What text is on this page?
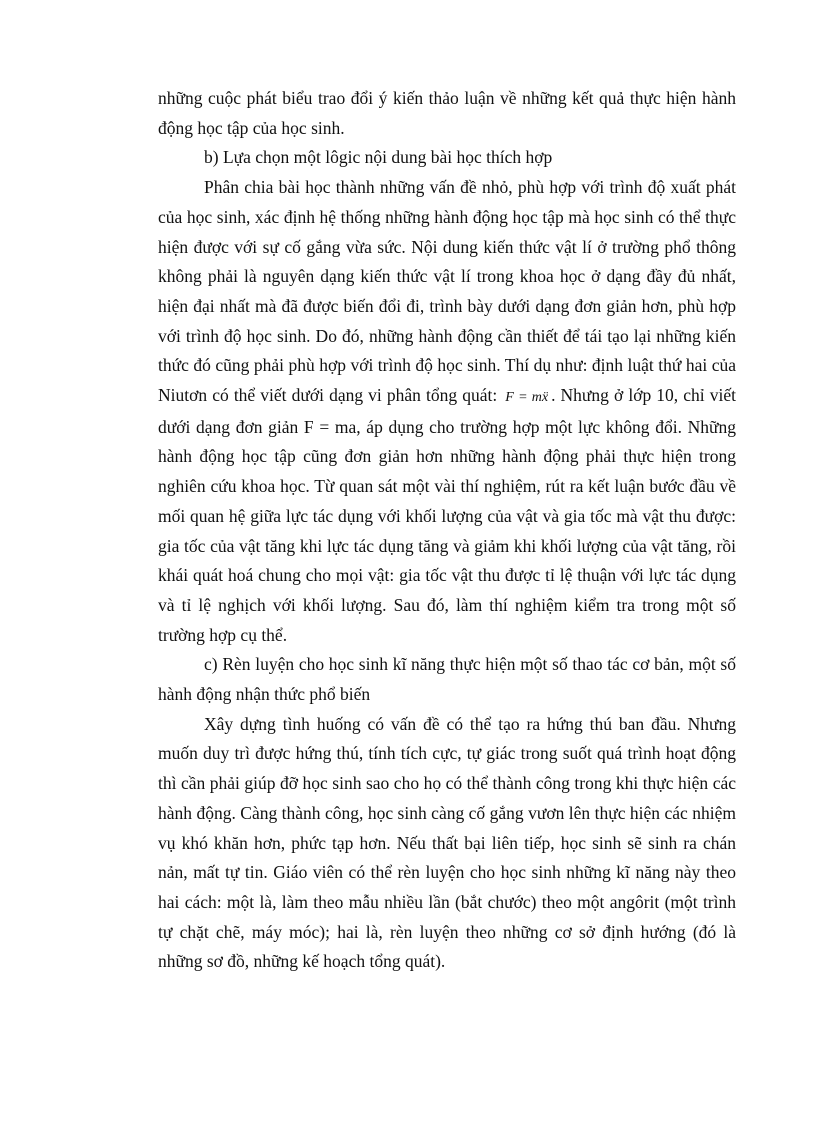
những cuộc phát biểu trao đổi ý kiến thảo luận về những kết quả thực hiện hành động học tập của học sinh.

b) Lựa chọn một lôgic nội dung bài học thích hợp

Phân chia bài học thành những vấn đề nhỏ, phù hợp với trình độ xuất phát của học sinh, xác định hệ thống những hành động học tập mà học sinh có thể thực hiện được với sự cố gắng vừa sức. Nội dung kiến thức vật lí ở trường phổ thông không phải là nguyên dạng kiến thức vật lí trong khoa học ở dạng đầy đủ nhất, hiện đại nhất mà đã được biến đổi đi, trình bày dưới dạng đơn giản hơn, phù hợp với trình độ học sinh. Do đó, những hành động cần thiết để tái tạo lại những kiến thức đó cũng phải phù hợp với trình độ học sinh. Thí dụ như: định luật thứ hai của Niutơn có thể viết dưới dạng vi phân tổng quát: F = mẍ . Nhưng ở lớp 10, chỉ viết dưới dạng đơn giản F = ma, áp dụng cho trường hợp một lực không đổi. Những hành động học tập cũng đơn giản hơn những hành động phải thực hiện trong nghiên cứu khoa học. Từ quan sát một vài thí nghiệm, rút ra kết luận bước đầu về mối quan hệ giữa lực tác dụng với khối lượng của vật và gia tốc mà vật thu được: gia tốc của vật tăng khi lực tác dụng tăng và giảm khi khối lượng của vật tăng, rồi khái quát hoá chung cho mọi vật: gia tốc vật thu được tỉ lệ thuận với lực tác dụng và tỉ lệ nghịch với khối lượng. Sau đó, làm thí nghiệm kiểm tra trong một số trường hợp cụ thể.

c) Rèn luyện cho học sinh kĩ năng thực hiện một số thao tác cơ bản, một số hành động nhận thức phổ biến

Xây dựng tình huống có vấn đề có thể tạo ra hứng thú ban đầu. Nhưng muốn duy trì được hứng thú, tính tích cực, tự giác trong suốt quá trình hoạt động thì cần phải giúp đỡ học sinh sao cho họ có thể thành công trong khi thực hiện các hành động. Càng thành công, học sinh càng cố gắng vươn lên thực hiện các nhiệm vụ khó khăn hơn, phức tạp hơn. Nếu thất bại liên tiếp, học sinh sẽ sinh ra chán nản, mất tự tin. Giáo viên có thể rèn luyện cho học sinh những kĩ năng này theo hai cách: một là, làm theo mẫu nhiều lần (bắt chước) theo một angôrit (một trình tự chặt chẽ, máy móc); hai là, rèn luyện theo những cơ sở định hướng (đó là những sơ đồ, những kế hoạch tổng quát).
